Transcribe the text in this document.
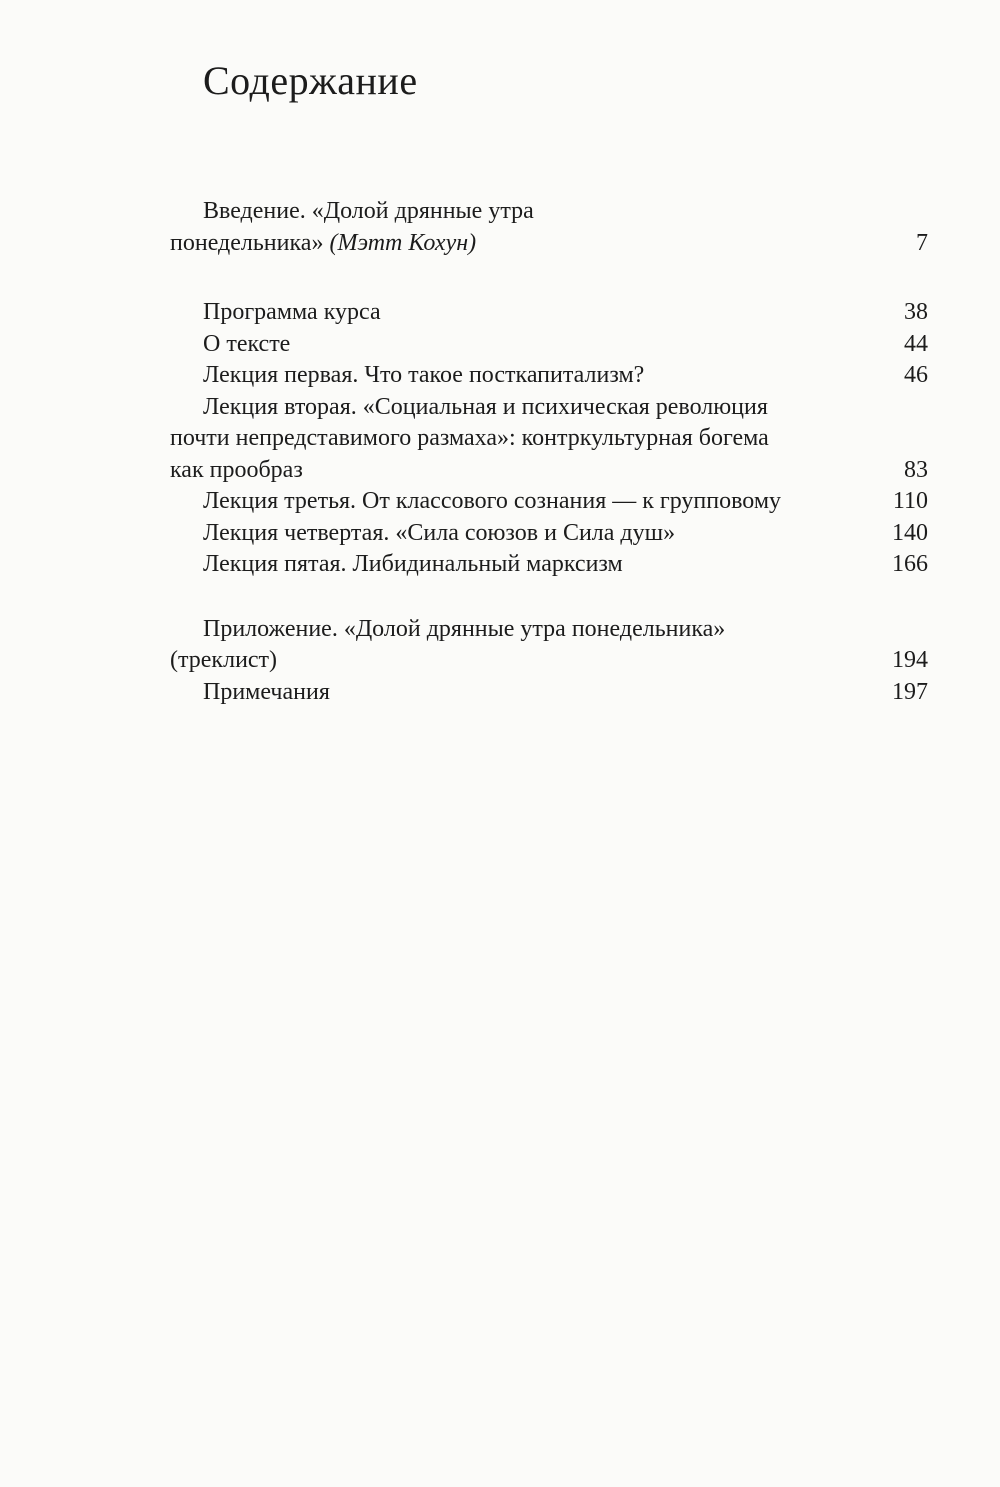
Содержание
Введение. «Долой дрянные утра
понедельника» (Мэтт Кохун)	7
Программа курса	38
О тексте	44
Лекция первая. Что такое посткапитализм?	46
Лекция вторая. «Социальная и психическая революция
почти непредставимого размаха»: контркультурная богема
как прообраз	83
Лекция третья. От классового сознания — к групповому	110
Лекция четвертая. «Сила союзов и Сила душ»	140
Лекция пятая. Либидинальный марксизм	166
Приложение. «Долой дрянные утра понедельника»
(треклист)	194
Примечания	197
